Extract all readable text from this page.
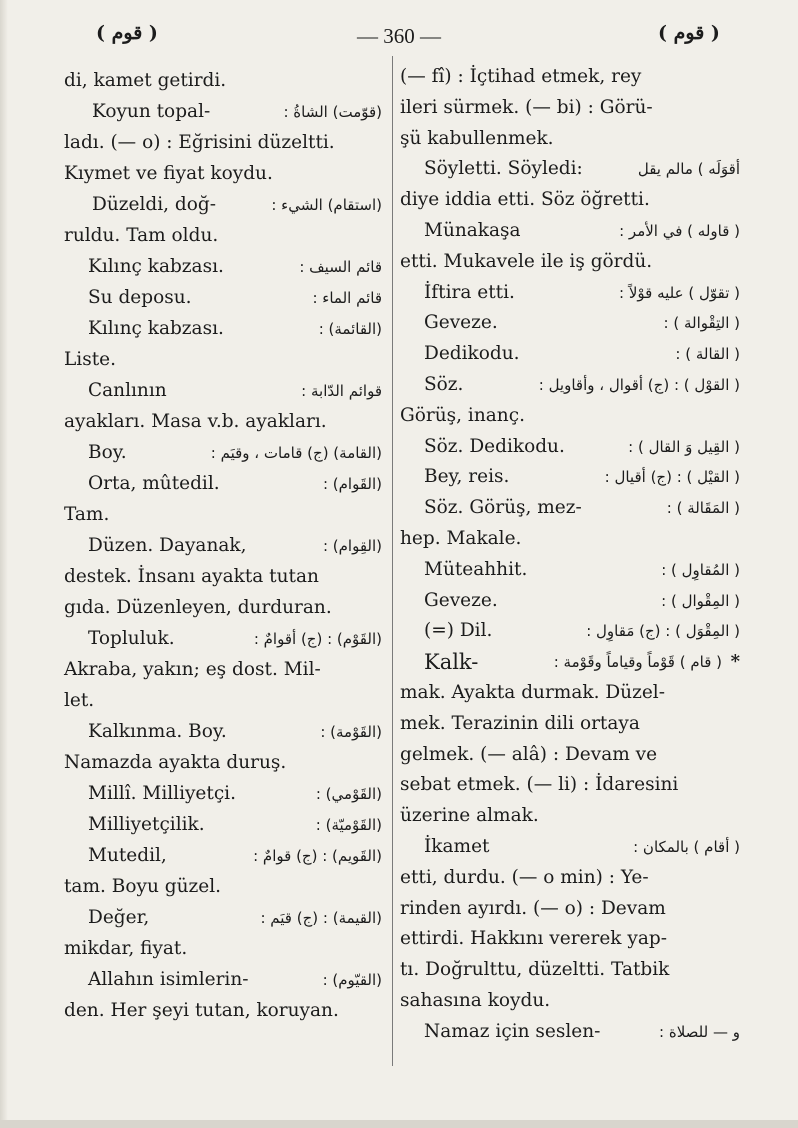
( قوم )	— 360 —	( قوم )
di, kamet getirdi.
Koyun topal-	(قوّمت) الشاةُ :
ladı. (— o) : Eğrisini düzeltti.
Kıymet ve fiyat koydu.
Düzeldi, doğ-	(استقام) الشيء :
ruldu. Tam oldu.
Kılınç kabzası.	قائم السيف :
Su deposu.	قائم الماء :
Kılınç kabzası.	(القائمة) :
Liste.
Canlının	قوائم الدّابة :
ayakları. Masa v.b. ayakları.
Boy.	(القامة) (ج) قامات ، وقيَم :
Orta, mûtedil.	(القَوام) :
Tam.
Düzen. Dayanak,	(القِوام) :
destek. İnsanı ayakta tutan
gıda. Düzenleyen, durduran.
Topluluk.	(القَوْم) : (ج) أقوامٌ :
Akraba, yakın; eş dost. Mil-
let.
Kalkınma. Boy.	(القَوْمة) :
Namazda ayakta duruş.
Millî. Milliyetçi.	(القَوْمي) :
Milliyetçilik.	(القَوْميّة) :
Mutedil,	(القَويم) : (ج) قوامٌ :
tam. Boyu güzel.
Değer,	(القيمة) : (ج) قيَم :
mikdar, fiyat.
Allahın isimlerin-	(القيّوم) :
den. Her şeyi tutan, koruyan.
(— fî) : İçtihad etmek, rey
ileri sürmek. (— bi) : Görü-
şü kabullenmek.
Söyletti. Söyledi:	أقوَلَه ) مالم يقل
diye iddia etti. Söz öğretti.
Münakaşa	( قاوله ) في الأمر :
etti. Mukavele ile iş gördü.
İftira etti.	( تقوّل ) عليه قوْلاً :
Geveze.	( التِقْوالة ) :
Dedikodu.	( القالة ) :
Söz.	( القوْل ) : (ج) أقوال ، وأقاويل :
Görüş, inanç.
Söz. Dedikodu.	( القِيل وَ القال ) :
Bey, reis.	( القيْل ) : (ج) أقيال :
Söz. Görüş, mez-	( المَقَالة ) :
hep. Makale.
Müteahhit.	( المُقاوِل ) :
Geveze.	( المِقْوال ) :
(=) Dil.	( المِقْوَل ) : (ج) مَقاوِل :
Kalk-	( قام ) قَوْماً وقياماً وقَوْمة : *
mak. Ayakta durmak. Düzel-
mek. Terazinin dili ortaya
gelmek. (— alâ) : Devam ve
sebat etmek. (— li) : İdaresini
üzerine almak.
İkamet	( أقام ) بالمكان :
etti, durdu. (— o min) : Ye-
rinden ayırdı. (— o) : Devam
ettirdi. Hakkını vererek yap-
tı. Doğrulttu, düzeltti. Tatbik
sahasına koydu.
Namaz için seslen-	و — للصلاة :
